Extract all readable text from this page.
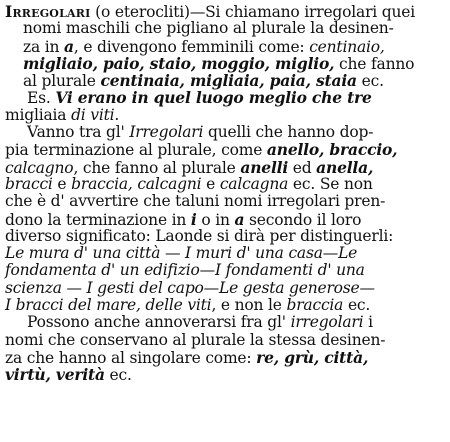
Irregolari (o eterocliti)—Si chiamano irregolari quei
nomi maschili che pigliano al plurale la desinen-
za in a, e divengono femminili come: centinaio,
migliaio, paio, staio, moggio, miglio, che fanno
al plurale centinaia, migliaia, paia, staia ec.
Es. Vi erano in quel luogo meglio che tre
migliaia di viti.
Vanno tra gl' Irregolari quelli che hanno dop-
pia terminazione al plurale, come anello, braccio,
calcagno, che fanno al plurale anelli ed anella,
bracci e braccia, calcagni e calcagna ec. Se non
che è d' avvertire che taluni nomi irregolari pren-
dono la terminazione in i o in a secondo il loro
diverso significato: Laonde si dirà per distinguerli:
Le mura d' una città — I muri d' una casa—Le
fondamenta d' un edifizio—I fondamenti d' una
scienza — I gesti del capo—Le gesta generose—
I bracci del mare, delle viti, e non le braccia ec.
Possono anche annoverarsi fra gl' irregolari i
nomi che conservano al plurale la stessa desinen-
za che hanno al singolare come: re, grù, città,
virtù, verità ec.
